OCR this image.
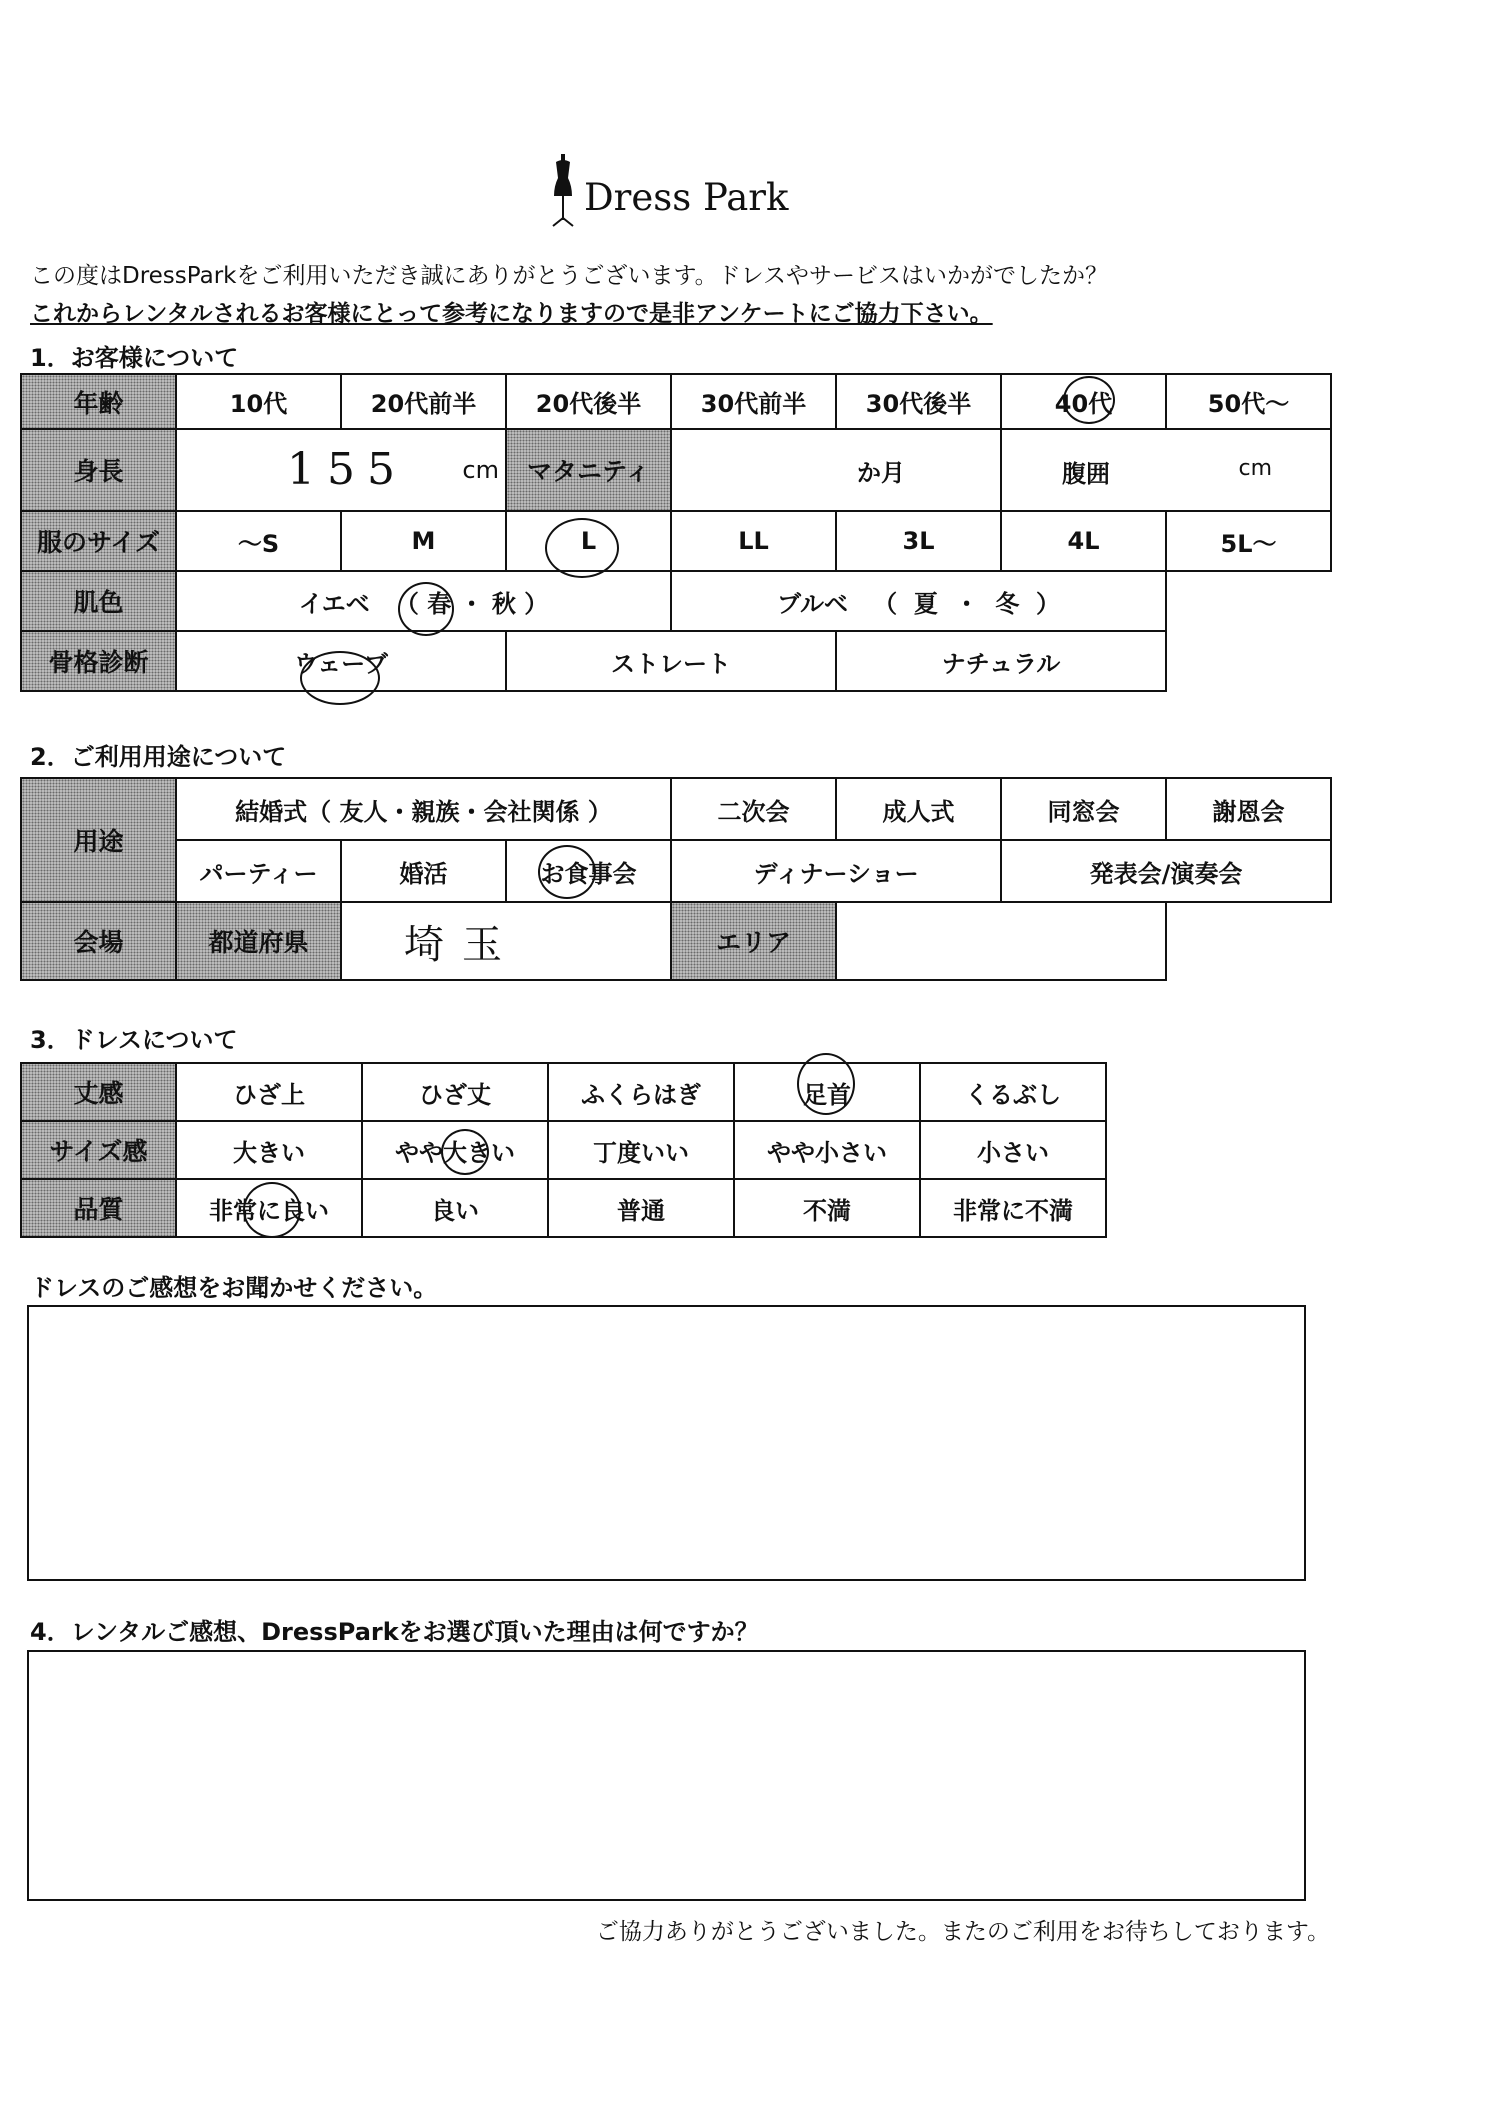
Dress Park
この度はDressParkをご利用いただき誠にありがとうございます。ドレスやサービスはいかがでしたか？
これからレンタルされるお客様にとって参考になりますので是非アンケートにご協力下さい。
1．お客様について
年齢	10代	20代前半	20代後半	30代前半	30代後半	40代	50代〜
身長	155 cm		マタニティ	か月		腹囲 cm	

服のサイズ	〜S	M	L	LL	3L	4L	5L〜
肌色	イエベ （ 春 ・ 秋 ）			ブルベ （ 夏 ・ 冬 ）			
骨格診断	ウェーブ		ストレート		ナチュラル		
2．ご利用用途について
用途	結婚式（ 友人・親族・会社関係 ）			二次会	成人式	同窓会	謝恩会
	パーティー	婚活	お食事会	ディナーショー		発表会/演奏会	
会場	都道府県	埼玉		エリア			
3．ドレスについて
丈感	ひざ上	ひざ丈	ふくらはぎ	足首	くるぶし
サイズ感	大きい	やや大きい	丁度いい	やや小さい	小さい
品質	非常に良い	良い	普通	不満	非常に不満
ドレスのご感想をお聞かせください。
4．レンタルご感想、DressParkをお選び頂いた理由は何ですか？
ご協力ありがとうございました。またのご利用をお待ちしております。
